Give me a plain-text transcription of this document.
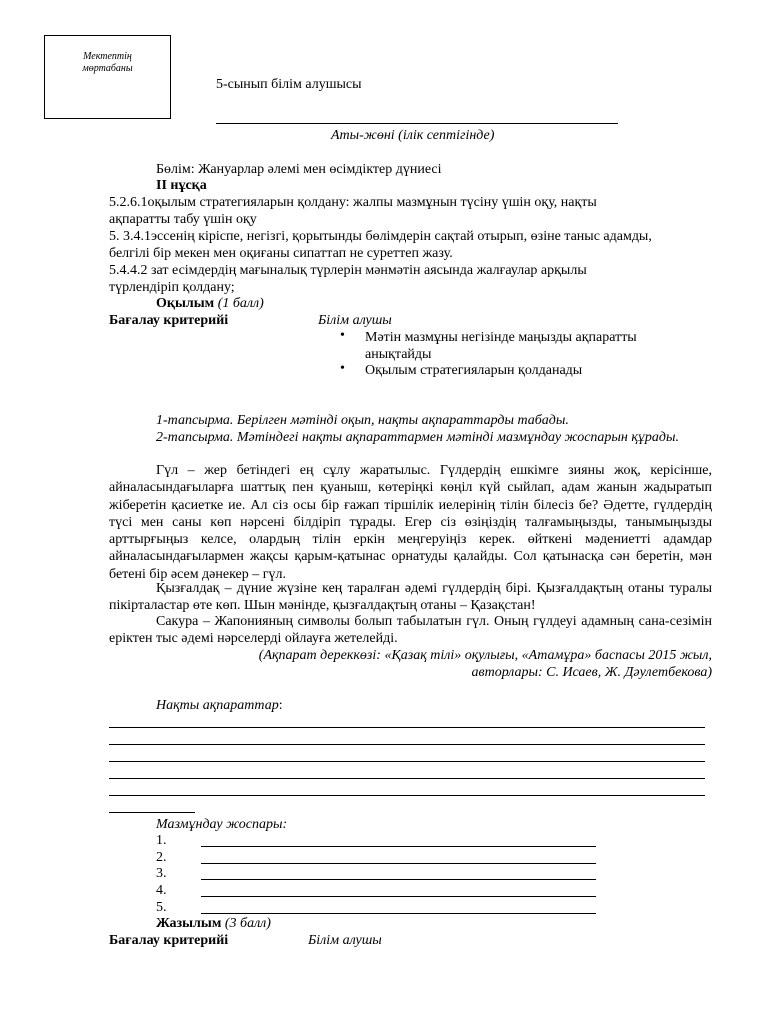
Мектептің
мөртабаны
5-сынып білім алушысы
Аты-жөні (ілік септігінде)
Бөлім: Жануарлар әлемі мен өсімдіктер дүниесі
ІІ нұсқа
5.2.6.1оқылым стратегияларын қолдану: жалпы мазмұнын түсіну үшін оқу, нақты
ақпаратты табу үшін оқу
5. 3.4.1эссенің кіріспе, негізгі, қорытынды бөлімдерін сақтай отырып, өзіне таныс адамды,
белгілі бір мекен мен оқиғаны сипаттап не суреттеп жазу.
5.4.4.2 зат есімдердің мағыналық түрлерін мәнмәтін аясында жалғаулар арқылы
түрлендіріп қолдану;
Оқылым (1 балл)
Бағалау критерийі	Білім алушы
• Мәтін мазмұны негізінде маңызды ақпаратты
анықтайды
• Оқылым стратегияларын қолданады
1-тапсырма. Берілген мәтінді оқып, нақты ақпараттарды табады.
2-тапсырма. Мәтіндегі нақты ақпараттармен мәтінді мазмұндау жоспарын құрады.
Гүл – жер бетіндегі ең сұлу жаратылыс. Гүлдердің ешкімге зияны жоқ, керісінше, айналасындағыларға шаттық пен қуаныш, көтеріңкі көңіл күй сыйлап, адам жанын жадыратып жіберетін қасиетке ие. Ал сіз осы бір ғажап тіршілік иелерінің тілін білесіз бе? Әдетте, гүлдердің түсі мен саны көп нәрсені білдіріп тұрады. Егер сіз өзіңіздің талғамыңызды, танымыңызды арттырғыңыз келсе, олардың тілін еркін меңгеруіңіз керек. өйткені мәдениетті адамдар айналасындағылармен жақсы қарым-қатынас орнатуды қалайды. Сол қатынасқа сән беретін, мән бетені бір әсем дәнекер – гүл.
Қызғалдақ – дүние жүзіне кең таралған әдемі гүлдердің бірі. Қызғалдақтың отаны туралы пікірталастар өте көп. Шын мәнінде, қызғалдақтың отаны – Қазақстан!
Сакура – Жапонияның символы болып табылатын гүл. Оның гүлдеуі адамның сана-сезімін еріктен тыс әдемі нәрселерді ойлауға жетелейді.
(Ақпарат дереккөзі: «Қазақ тілі» оқулығы, «Атамұра» баспасы 2015 жыл,
авторлары: С. Исаев, Ж. Дәулетбекова)
Нақты ақпараттар:
Мазмұндау жоспары:
1.
2.
3.
4.
5.
Жазылым (3 балл)
Бағалау критерийі	Білім алушы
